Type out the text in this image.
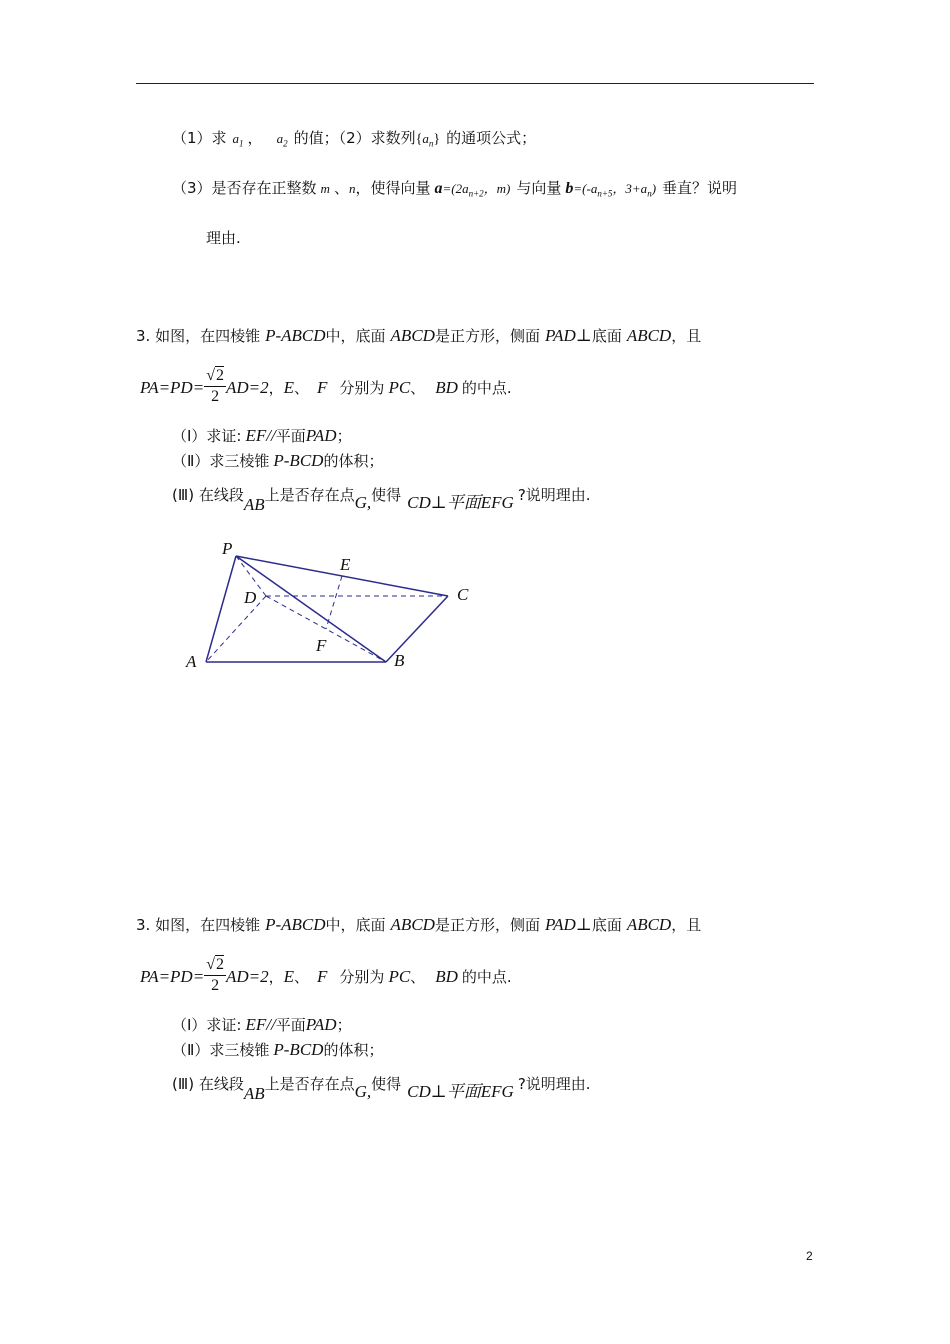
（1）求 $a_1$ ， $a_2$ 的值；（2）求数列$\{a_n\}$ 的通项公式；
（3）是否存在正整数 m 、n，使得向量 $a=(2a_{n+2}$，m) 与向量 $b=(-a_{n+5}$，$3+a_n$) 垂直？说明
理由.
3. 如图，在四棱锥 P-ABCD中，底面 ABCD是正方形，侧面 PAD⊥底面 ABCD，且
$PA=PD= \frac{√2}{2} AD=2$，E、 F 分别为 PC、 BD 的中点.
（Ⅰ）求证: EF//平面PAD；
（Ⅱ）求三棱锥 P-BCD的体积；
(Ⅲ) 在线段AB上是否存在点G,使得 CD⊥平面EFG ?说明理由.
P
E
C
D
F
A	B
3. 如图，在四棱锥 P-ABCD中，底面 ABCD是正方形，侧面 PAD⊥底面 ABCD，且
$PA=PD= \frac{√2}{2} AD=2$，E、 F 分别为 PC、 BD 的中点.
（Ⅰ）求证: EF//平面PAD；
（Ⅱ）求三棱锥 P-BCD的体积；
(Ⅲ) 在线段AB上是否存在点G,使得 CD⊥平面EFG ?说明理由.
2
